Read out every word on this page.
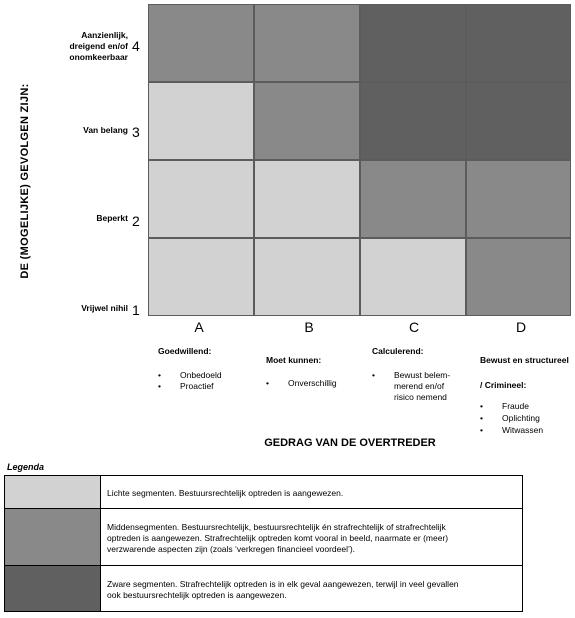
DE (MOGELIJKE) GEVOLGEN ZIJN:
Aanzienlijk,
dreigend en/of
onomkeerbaar
4
Van belang 3
Beperkt 2
Vrijwel nihil 1
A
Goedwillend:
• Onbedoeld
• Proactief
B
Moet kunnen:
• Onverschillig
C
Calculerend:
• Bewust belem-
merend en/of
risico nemend
D
Bewust en structureel
/ Crimineel:
• Fraude
• Oplichting
• Witwassen
GEDRAG VAN DE OVERTREDER
Legenda
Lichte segmenten. Bestuursrechtelijk optreden is aangewezen.
Middensegmenten. Bestuursrechtelijk, bestuursrechtelijk én strafrechtelijk of strafrechtelijk
optreden is aangewezen. Strafrechtelijk optreden komt vooral in beeld, naarmate er (meer)
verzwarende aspecten zijn (zoals ‘verkregen financieel voordeel’).
Zware segmenten. Strafrechtelijk optreden is in elk geval aangewezen, terwijl in veel gevallen
ook bestuursrechtelijk optreden is aangewezen.
